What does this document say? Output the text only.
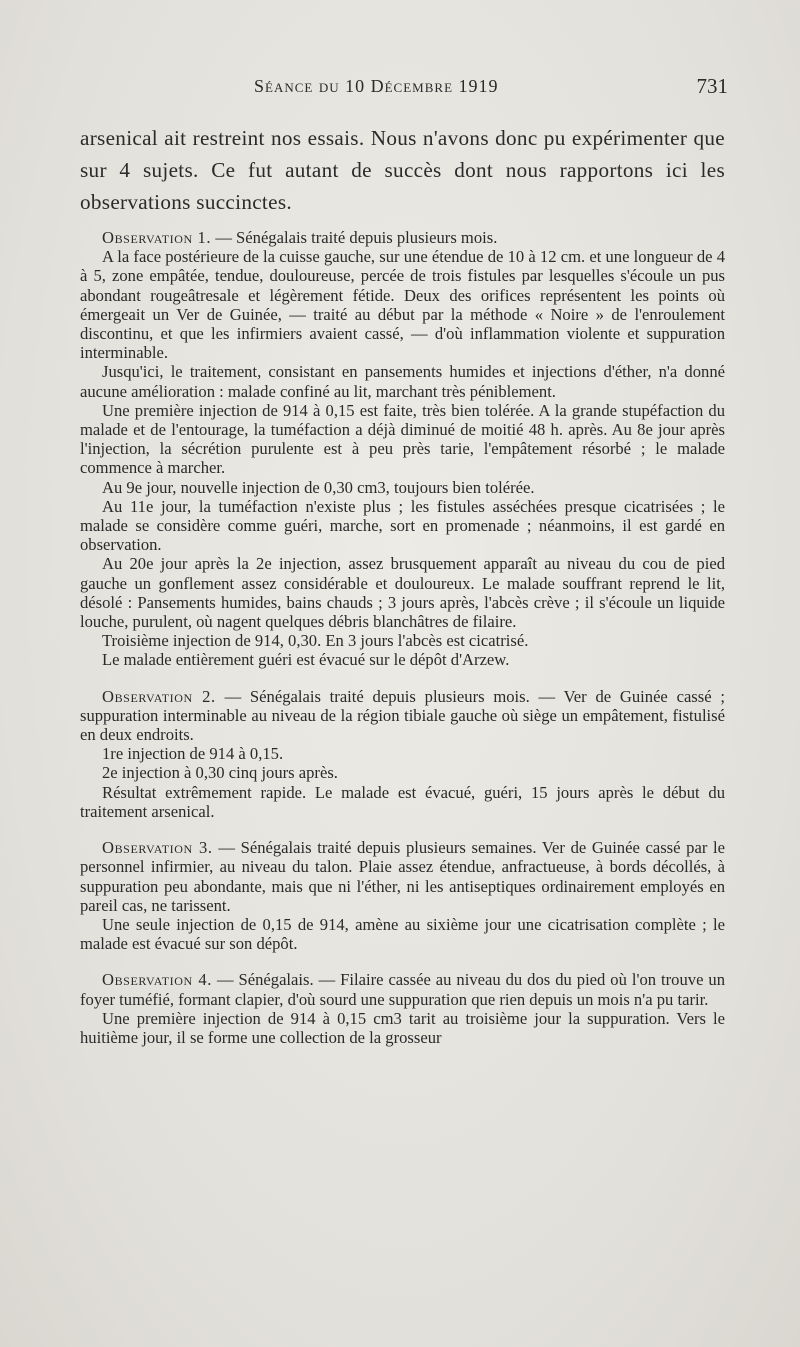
Séance du 10 Décembre 1919	731
arsenical ait restreint nos essais. Nous n'avons donc pu expérimenter que sur 4 sujets. Ce fut autant de succès dont nous rapportons ici les observations succinctes.

Observation 1. — Sénégalais traité depuis plusieurs mois.

A la face postérieure de la cuisse gauche, sur une étendue de 10 à 12 cm. et une longueur de 4 à 5, zone empâtée, tendue, douloureuse, percée de trois fistules par lesquelles s'écoule un pus abondant rougeâtresale et légèrement fétide. Deux des orifices représentent les points où émergeait un Ver de Guinée, — traité au début par la méthode « Noire » de l'enroulement discontinu, et que les infirmiers avaient cassé, — d'où inflammation violente et suppuration interminable.

Jusqu'ici, le traitement, consistant en pansements humides et injections d'éther, n'a donné aucune amélioration : malade confiné au lit, marchant très péniblement.

Une première injection de 914 à 0,15 est faite, très bien tolérée. A la grande stupéfaction du malade et de l'entourage, la tuméfaction a déjà diminué de moitié 48 h. après. Au 8e jour après l'injection, la sécrétion purulente est à peu près tarie, l'empâtement résorbé ; le malade commence à marcher.

Au 9e jour, nouvelle injection de 0,30 cm3, toujours bien tolérée.

Au 11e jour, la tuméfaction n'existe plus ; les fistules asséchées presque cicatrisées ; le malade se considère comme guéri, marche, sort en promenade ; néanmoins, il est gardé en observation.

Au 20e jour après la 2e injection, assez brusquement apparaît au niveau du cou de pied gauche un gonflement assez considérable et douloureux. Le malade souffrant reprend le lit, désolé : Pansements humides, bains chauds ; 3 jours après, l'abcès crève ; il s'écoule un liquide louche, purulent, où nagent quelques débris blanchâtres de filaire.

Troisième injection de 914, 0,30. En 3 jours l'abcès est cicatrisé.

Le malade entièrement guéri est évacué sur le dépôt d'Arzew.

Observation 2. — Sénégalais traité depuis plusieurs mois. — Ver de Guinée cassé ; suppuration interminable au niveau de la région tibiale gauche où siège un empâtement, fistulisé en deux endroits.

1re injection de 914 à 0,15.

2e injection à 0,30 cinq jours après.

Résultat extrêmement rapide. Le malade est évacué, guéri, 15 jours après le début du traitement arsenical.

Observation 3. — Sénégalais traité depuis plusieurs semaines. Ver de Guinée cassé par le personnel infirmier, au niveau du talon. Plaie assez étendue, anfractueuse, à bords décollés, à suppuration peu abondante, mais que ni l'éther, ni les antiseptiques ordinairement employés en pareil cas, ne tarissent.

Une seule injection de 0,15 de 914, amène au sixième jour une cicatrisation complète ; le malade est évacué sur son dépôt.

Observation 4. — Sénégalais. — Filaire cassée au niveau du dos du pied où l'on trouve un foyer tuméfié, formant clapier, d'où sourd une suppuration que rien depuis un mois n'a pu tarir.

Une première injection de 914 à 0,15 cm3 tarit au troisième jour la suppuration. Vers le huitième jour, il se forme une collection de la grosseur
